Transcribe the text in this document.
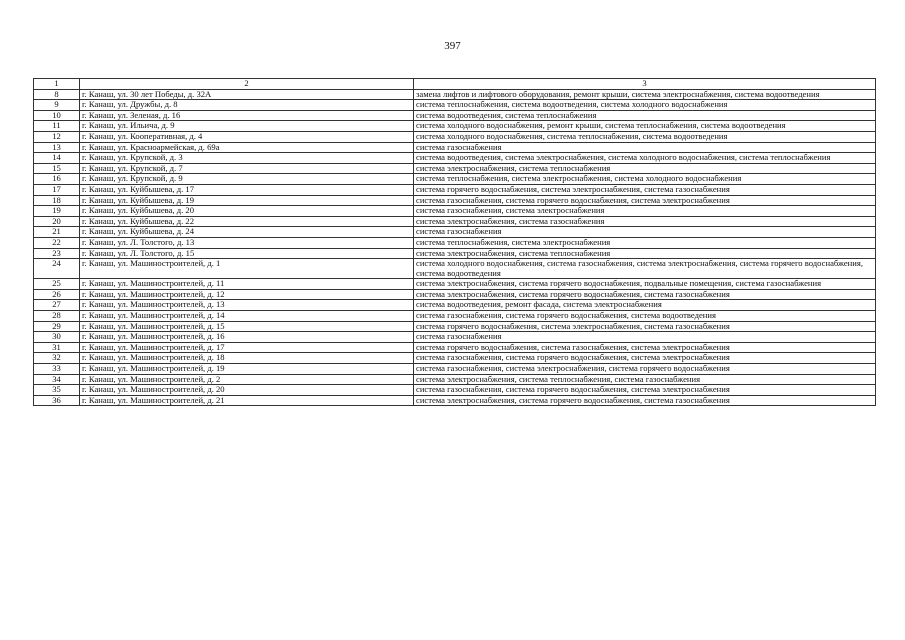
397
1	2	3
8	г. Канаш, ул. 30 лет Победы, д. 32А	замена лифтов и лифтового оборудования, ремонт крыши, система электроснабжения, система водоотведения
9	г. Канаш, ул. Дружбы, д. 8	система теплоснабжения, система водоотведения, система холодного водоснабжения
10	г. Канаш, ул. Зеленая, д. 16	система водоотведения, система теплоснабжения
11	г. Канаш, ул. Ильича, д. 9	система холодного водоснабжения, ремонт крыши, система теплоснабжения, система водоотведения
12	г. Канаш, ул. Кооперативная, д. 4	система холодного водоснабжения, система теплоснабжения, система водоотведения
13	г. Канаш, ул. Красноармейская, д. 69а	система газоснабжения
14	г. Канаш, ул. Крупской, д. 3	система водоотведения, система электроснабжения, система холодного водоснабжения, система теплоснабжения
15	г. Канаш, ул. Крупской, д. 7	система электроснабжения, система теплоснабжения
16	г. Канаш, ул. Крупской, д. 9	система теплоснабжения, система электроснабжения, система холодного водоснабжения
17	г. Канаш, ул. Куйбышева, д. 17	система горячего водоснабжения, система электроснабжения, система газоснабжения
18	г. Канаш, ул. Куйбышева, д. 19	система газоснабжения, система горячего водоснабжения, система электроснабжения
19	г. Канаш, ул. Куйбышева, д. 20	система газоснабжения, система электроснабжения
20	г. Канаш, ул. Куйбышева, д. 22	система электроснабжения, система газоснабжения
21	г. Канаш, ул. Куйбышева, д. 24	система газоснабжения
22	г. Канаш, ул. Л. Толстого, д. 13	система теплоснабжения, система электроснабжения
23	г. Канаш, ул. Л. Толстого, д. 15	система электроснабжения, система теплоснабжения
24	г. Канаш, ул. Машиностроителей, д. 1	система холодного водоснабжения, система газоснабжения, система электроснабжения, система горячего водоснабжения, система водоотведения
25	г. Канаш, ул. Машиностроителей, д. 11	система электроснабжения, система горячего водоснабжения, подвальные помещения, система газоснабжения
26	г. Канаш, ул. Машиностроителей, д. 12	система электроснабжения, система горячего водоснабжения, система газоснабжения
27	г. Канаш, ул. Машиностроителей, д. 13	система водоотведения, ремонт фасада, система электроснабжения
28	г. Канаш, ул. Машиностроителей, д. 14	система газоснабжения, система горячего водоснабжения, система водоотведения
29	г. Канаш, ул. Машиностроителей, д. 15	система горячего водоснабжения, система электроснабжения, система газоснабжения
30	г. Канаш, ул. Машиностроителей, д. 16	система газоснабжения
31	г. Канаш, ул. Машиностроителей, д. 17	система горячего водоснабжения, система газоснабжения, система электроснабжения
32	г. Канаш, ул. Машиностроителей, д. 18	система газоснабжения, система горячего водоснабжения, система электроснабжения
33	г. Канаш, ул. Машиностроителей, д. 19	система газоснабжения, система электроснабжения, система горячего водоснабжения
34	г. Канаш, ул. Машиностроителей, д. 2	система электроснабжения, система теплоснабжения, система газоснабжения
35	г. Канаш, ул. Машиностроителей, д. 20	система газоснабжения, система горячего водоснабжения, система электроснабжения
36	г. Канаш, ул. Машиностроителей, д. 21	система электроснабжения, система горячего водоснабжения, система газоснабжения
